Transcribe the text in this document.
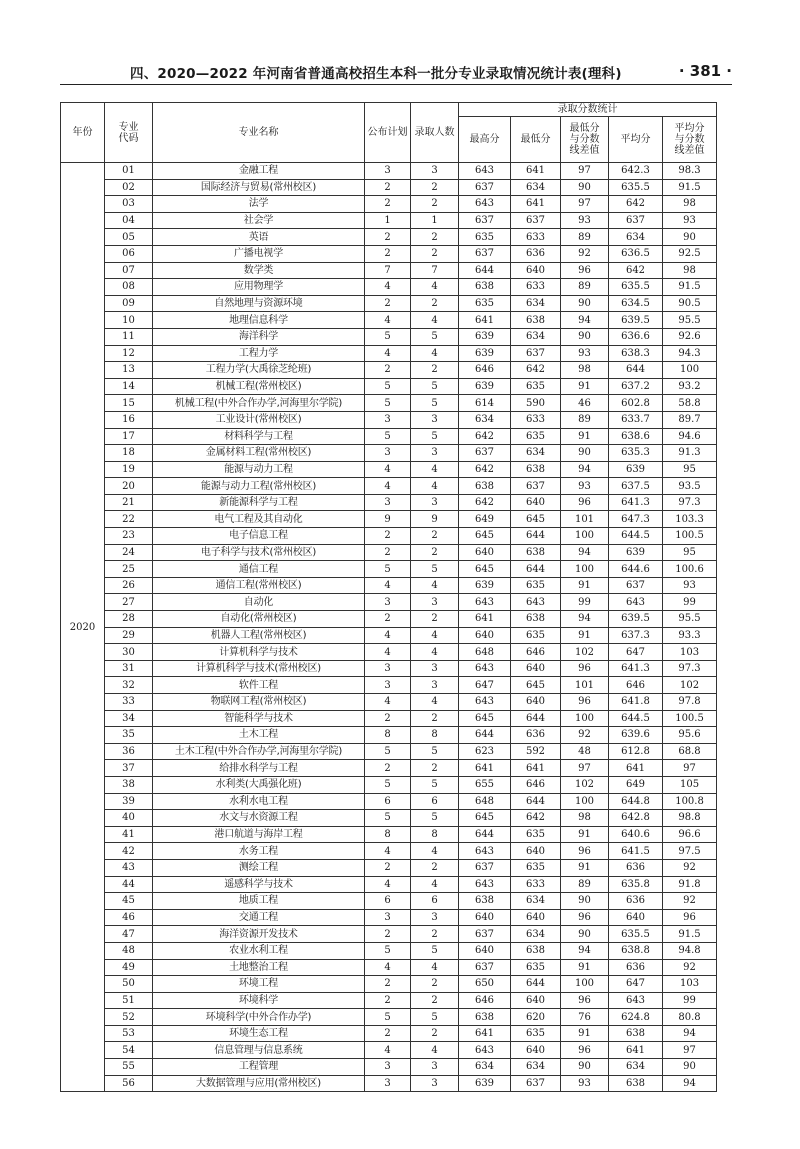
四、2020—2022 年河南省普通高校招生本科一批分专业录取情况统计表(理科)	· 381 ·
年份	专业代码	专业名称	公布计划	录取人数	录取分数统计				
					最高分	最低分	最低分与分数线差值	平均分	平均分与分数线差值
2020	01	金融工程	3	3	643	641	97	642.3	98.3
	02	国际经济与贸易(常州校区)	2	2	637	634	90	635.5	91.5
	03	法学	2	2	643	641	97	642	98
	04	社会学	1	1	637	637	93	637	93
	05	英语	2	2	635	633	89	634	90
	06	广播电视学	2	2	637	636	92	636.5	92.5
	07	数学类	7	7	644	640	96	642	98
	08	应用物理学	4	4	638	633	89	635.5	91.5
	09	自然地理与资源环境	2	2	635	634	90	634.5	90.5
	10	地理信息科学	4	4	641	638	94	639.5	95.5
	11	海洋科学	5	5	639	634	90	636.6	92.6
	12	工程力学	4	4	639	637	93	638.3	94.3
	13	工程力学(大禹徐芝纶班)	2	2	646	642	98	644	100
	14	机械工程(常州校区)	5	5	639	635	91	637.2	93.2
	15	机械工程(中外合作办学,河海里尔学院)	5	5	614	590	46	602.8	58.8
	16	工业设计(常州校区)	3	3	634	633	89	633.7	89.7
	17	材料科学与工程	5	5	642	635	91	638.6	94.6
	18	金属材料工程(常州校区)	3	3	637	634	90	635.3	91.3
	19	能源与动力工程	4	4	642	638	94	639	95
	20	能源与动力工程(常州校区)	4	4	638	637	93	637.5	93.5
	21	新能源科学与工程	3	3	642	640	96	641.3	97.3
	22	电气工程及其自动化	9	9	649	645	101	647.3	103.3
	23	电子信息工程	2	2	645	644	100	644.5	100.5
	24	电子科学与技术(常州校区)	2	2	640	638	94	639	95
	25	通信工程	5	5	645	644	100	644.6	100.6
	26	通信工程(常州校区)	4	4	639	635	91	637	93
	27	自动化	3	3	643	643	99	643	99
	28	自动化(常州校区)	2	2	641	638	94	639.5	95.5
	29	机器人工程(常州校区)	4	4	640	635	91	637.3	93.3
	30	计算机科学与技术	4	4	648	646	102	647	103
	31	计算机科学与技术(常州校区)	3	3	643	640	96	641.3	97.3
	32	软件工程	3	3	647	645	101	646	102
	33	物联网工程(常州校区)	4	4	643	640	96	641.8	97.8
	34	智能科学与技术	2	2	645	644	100	644.5	100.5
	35	土木工程	8	8	644	636	92	639.6	95.6
	36	土木工程(中外合作办学,河海里尔学院)	5	5	623	592	48	612.8	68.8
	37	给排水科学与工程	2	2	641	641	97	641	97
	38	水利类(大禹强化班)	5	5	655	646	102	649	105
	39	水利水电工程	6	6	648	644	100	644.8	100.8
	40	水文与水资源工程	5	5	645	642	98	642.8	98.8
	41	港口航道与海岸工程	8	8	644	635	91	640.6	96.6
	42	水务工程	4	4	643	640	96	641.5	97.5
	43	测绘工程	2	2	637	635	91	636	92
	44	遥感科学与技术	4	4	643	633	89	635.8	91.8
	45	地质工程	6	6	638	634	90	636	92
	46	交通工程	3	3	640	640	96	640	96
	47	海洋资源开发技术	2	2	637	634	90	635.5	91.5
	48	农业水利工程	5	5	640	638	94	638.8	94.8
	49	土地整治工程	4	4	637	635	91	636	92
	50	环境工程	2	2	650	644	100	647	103
	51	环境科学	2	2	646	640	96	643	99
	52	环境科学(中外合作办学)	5	5	638	620	76	624.8	80.8
	53	环境生态工程	2	2	641	635	91	638	94
	54	信息管理与信息系统	4	4	643	640	96	641	97
	55	工程管理	3	3	634	634	90	634	90
	56	大数据管理与应用(常州校区)	3	3	639	637	93	638	94
